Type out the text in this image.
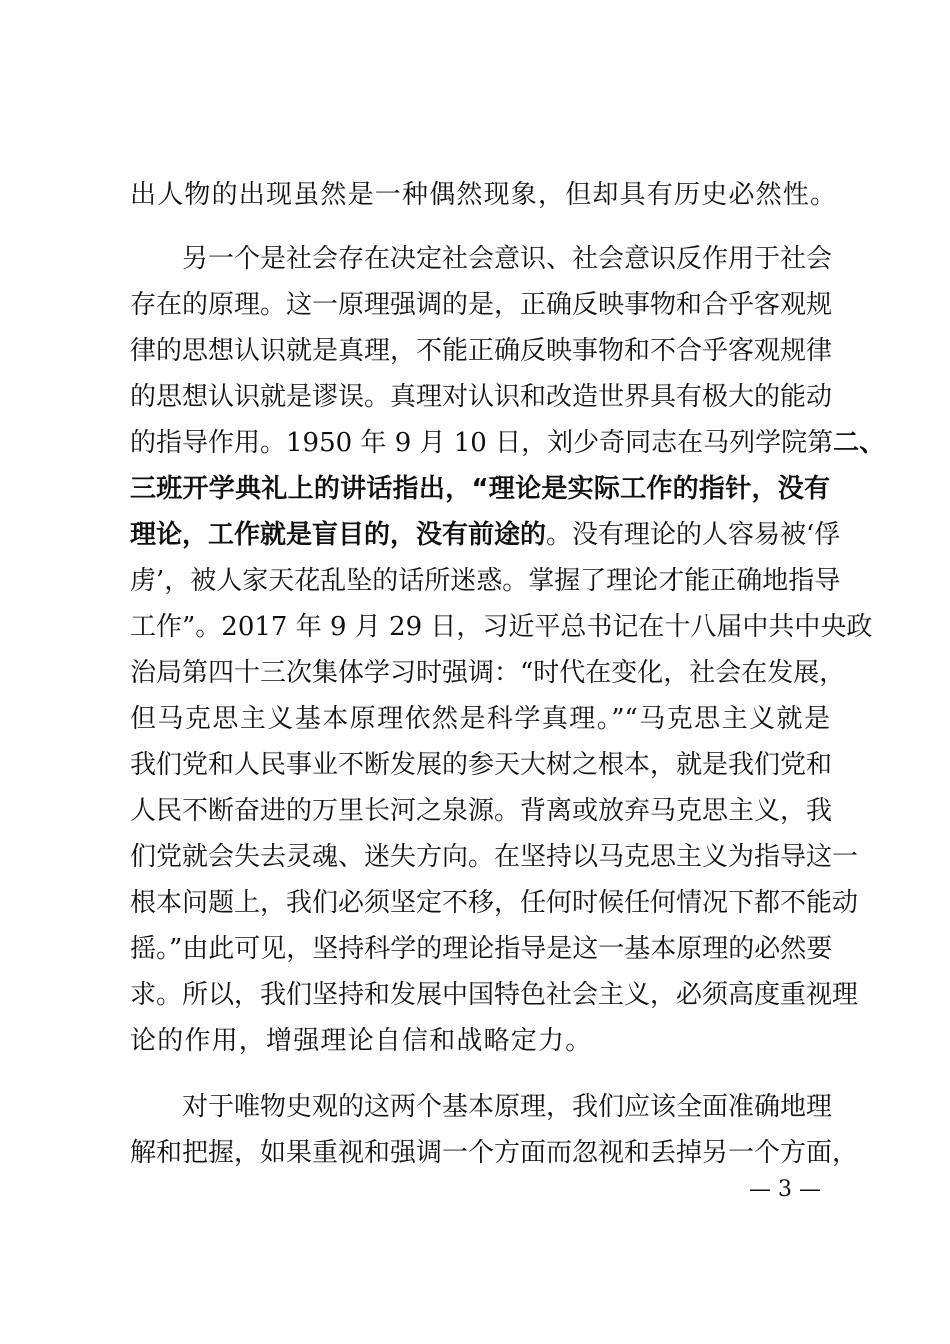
出人物的出现虽然是一种偶然现象，但却具有历史必然性。
另一个是社会存在决定社会意识、社会意识反作用于社会
存在的原理。这一原理强调的是，正确反映事物和合乎客观规
律的思想认识就是真理，不能正确反映事物和不合乎客观规律
的思想认识就是谬误。真理对认识和改造世界具有极大的能动
的指导作用。1950 年 9 月 10 日，刘少奇同志在马列学院第二、
三班开学典礼上的讲话指出，“理论是实际工作的指针，没有
理论，工作就是盲目的，没有前途的。没有理论的人容易被‘俘
虏’，被人家天花乱坠的话所迷惑。掌握了理论才能正确地指导
工作”。2017 年 9 月 29 日，习近平总书记在十八届中共中央政
治局第四十三次集体学习时强调：“时代在变化，社会在发展，
但马克思主义基本原理依然是科学真理。”“马克思主义就是
我们党和人民事业不断发展的参天大树之根本，就是我们党和
人民不断奋进的万里长河之泉源。背离或放弃马克思主义，我
们党就会失去灵魂、迷失方向。在坚持以马克思主义为指导这一
根本问题上，我们必须坚定不移，任何时候任何情况下都不能动
摇。”由此可见，坚持科学的理论指导是这一基本原理的必然要
求。所以，我们坚持和发展中国特色社会主义，必须高度重视理
论的作用，增强理论自信和战略定力。
对于唯物史观的这两个基本原理，我们应该全面准确地理
解和把握，如果重视和强调一个方面而忽视和丢掉另一个方面，
— 3 —
